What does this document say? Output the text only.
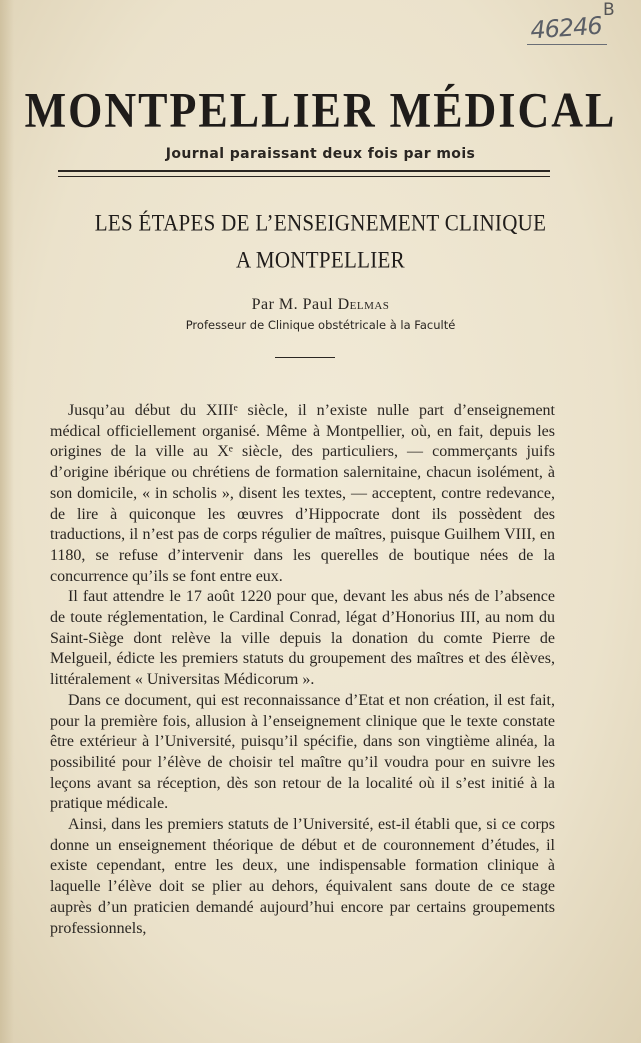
B
46246
MONTPELLIER MÉDICAL
Journal paraissant deux fois par mois
LES ÉTAPES DE L’ENSEIGNEMENT CLINIQUE
A MONTPELLIER
Par M. Paul Delmas
Professeur de Clinique obstétricale à la Faculté

Jusqu’au début du XIIIᵉ siècle, il n’existe nulle part d’enseignement médical officiellement organisé. Même à Montpellier, où, en fait, depuis les origines de la ville au Xᵉ siècle, des particuliers, — commerçants juifs d’origine ibérique ou chrétiens de formation salernitaine, chacun isolément, à son domicile, « in scholis », disent les textes, — acceptent, contre redevance, de lire à quiconque les œuvres d’Hippocrate dont ils possèdent des traductions, il n’est pas de corps régulier de maîtres, puisque Guilhem VIII, en 1180, se refuse d’intervenir dans les querelles de boutique nées de la concurrence qu’ils se font entre eux.

Il faut attendre le 17 août 1220 pour que, devant les abus nés de l’absence de toute réglementation, le Cardinal Conrad, légat d’Honorius III, au nom du Saint-Siège dont relève la ville depuis la donation du comte Pierre de Melgueil, édicte les premiers statuts du groupement des maîtres et des élèves, littéralement « Universitas Médicorum ».

Dans ce document, qui est reconnaissance d’Etat et non création, il est fait, pour la première fois, allusion à l’enseignement clinique que le texte constate être extérieur à l’Université, puisqu’il spécifie, dans son vingtième alinéa, la possibilité pour l’élève de choisir tel maître qu’il voudra pour en suivre les leçons avant sa réception, dès son retour de la localité où il s’est initié à la pratique médicale.

Ainsi, dans les premiers statuts de l’Université, est-il établi que, si ce corps donne un enseignement théorique de début et de couronnement d’études, il existe cependant, entre les deux, une indispensable formation clinique à laquelle l’élève doit se plier au dehors, équivalent sans doute de ce stage auprès d’un praticien demandé aujourd’hui encore par certains groupements professionnels,
